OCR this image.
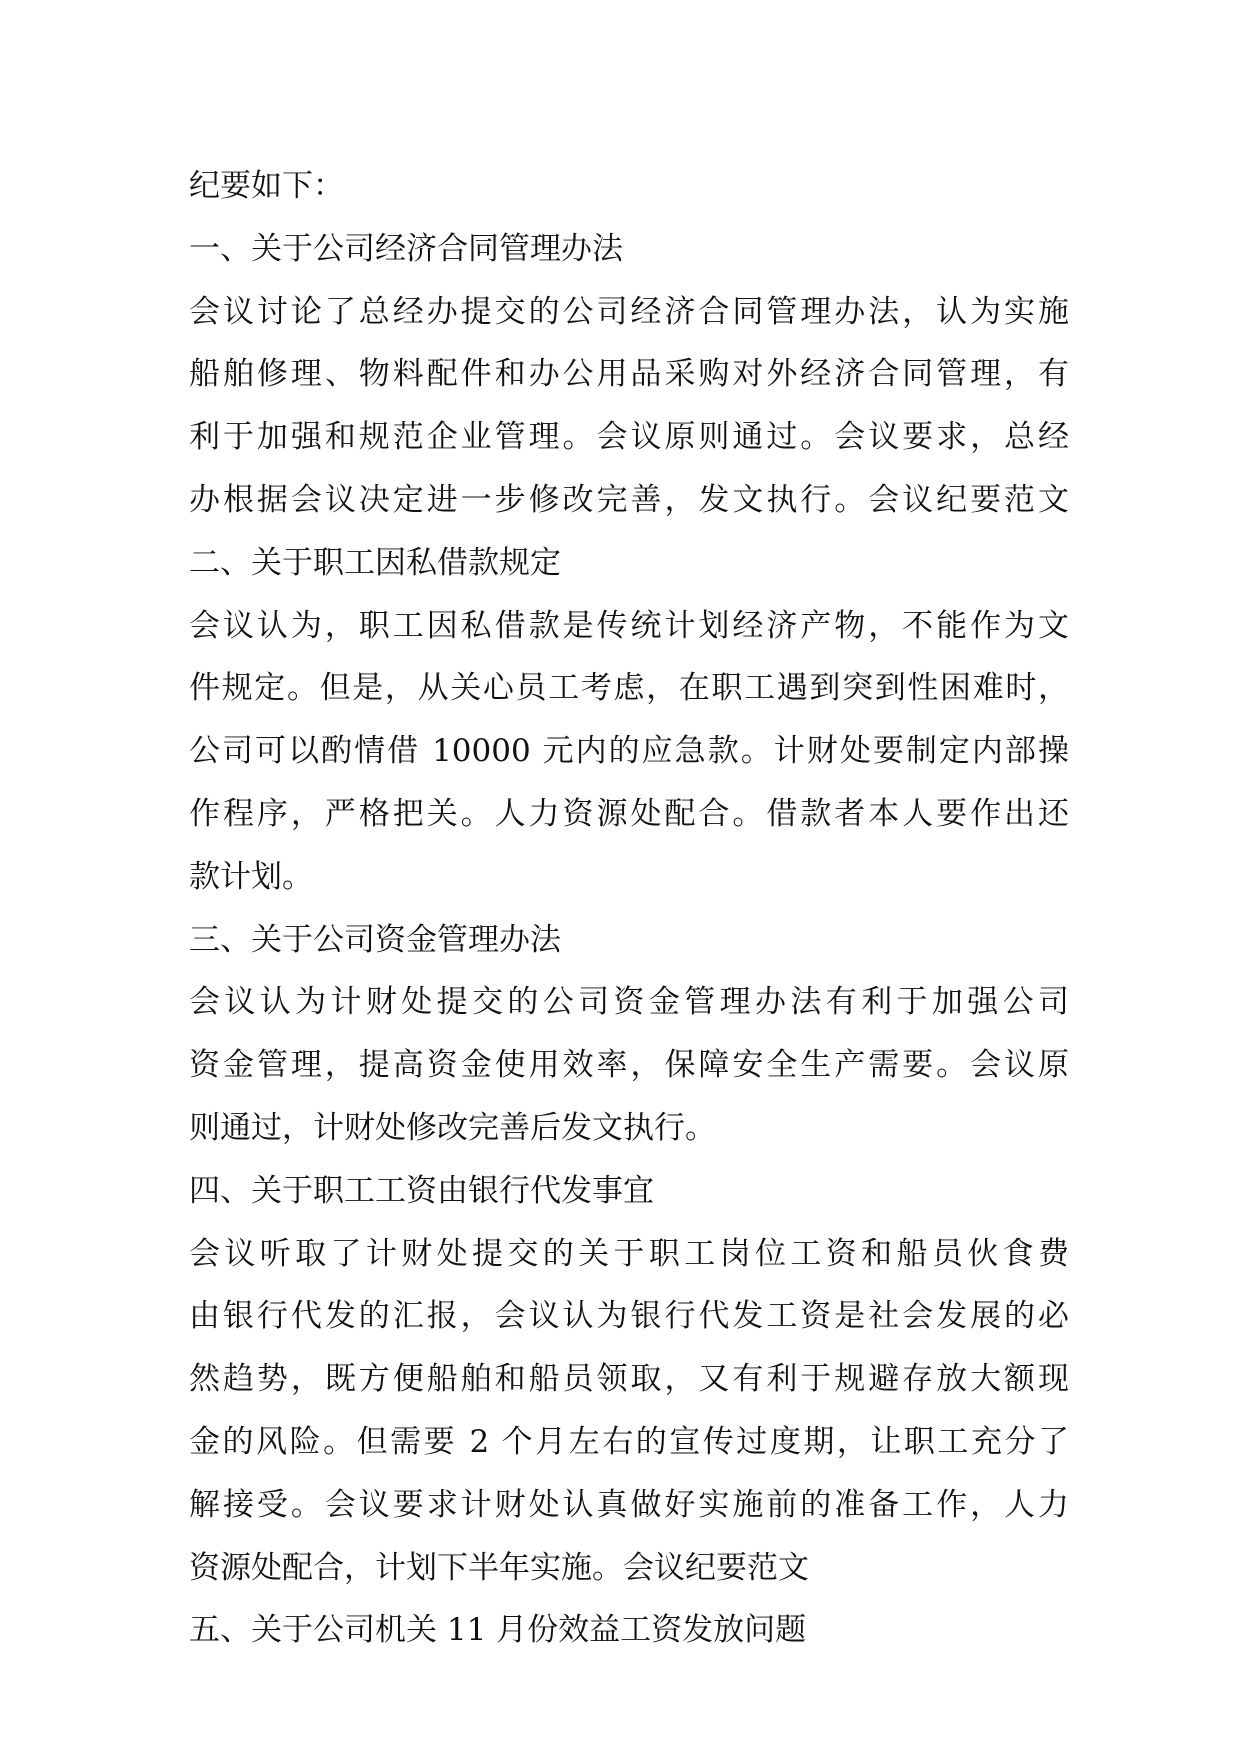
纪要如下：
一、关于公司经济合同管理办法
会议讨论了总经办提交的公司经济合同管理办法，认为实施
船舶修理、物料配件和办公用品采购对外经济合同管理，有
利于加强和规范企业管理。会议原则通过。会议要求，总经
办根据会议决定进一步修改完善，发文执行。会议纪要范文
二、关于职工因私借款规定
会议认为，职工因私借款是传统计划经济产物，不能作为文
件规定。但是，从关心员工考虑，在职工遇到突到性困难时，
公司可以酌情借 10000 元内的应急款。计财处要制定内部操
作程序，严格把关。人力资源处配合。借款者本人要作出还
款计划。
三、关于公司资金管理办法
会议认为计财处提交的公司资金管理办法有利于加强公司
资金管理，提高资金使用效率，保障安全生产需要。会议原
则通过，计财处修改完善后发文执行。
四、关于职工工资由银行代发事宜
会议听取了计财处提交的关于职工岗位工资和船员伙食费
由银行代发的汇报，会议认为银行代发工资是社会发展的必
然趋势，既方便船舶和船员领取，又有利于规避存放大额现
金的风险。但需要 2 个月左右的宣传过度期，让职工充分了
解接受。会议要求计财处认真做好实施前的准备工作，人力
资源处配合，计划下半年实施。会议纪要范文
五、关于公司机关 11 月份效益工资发放问题
